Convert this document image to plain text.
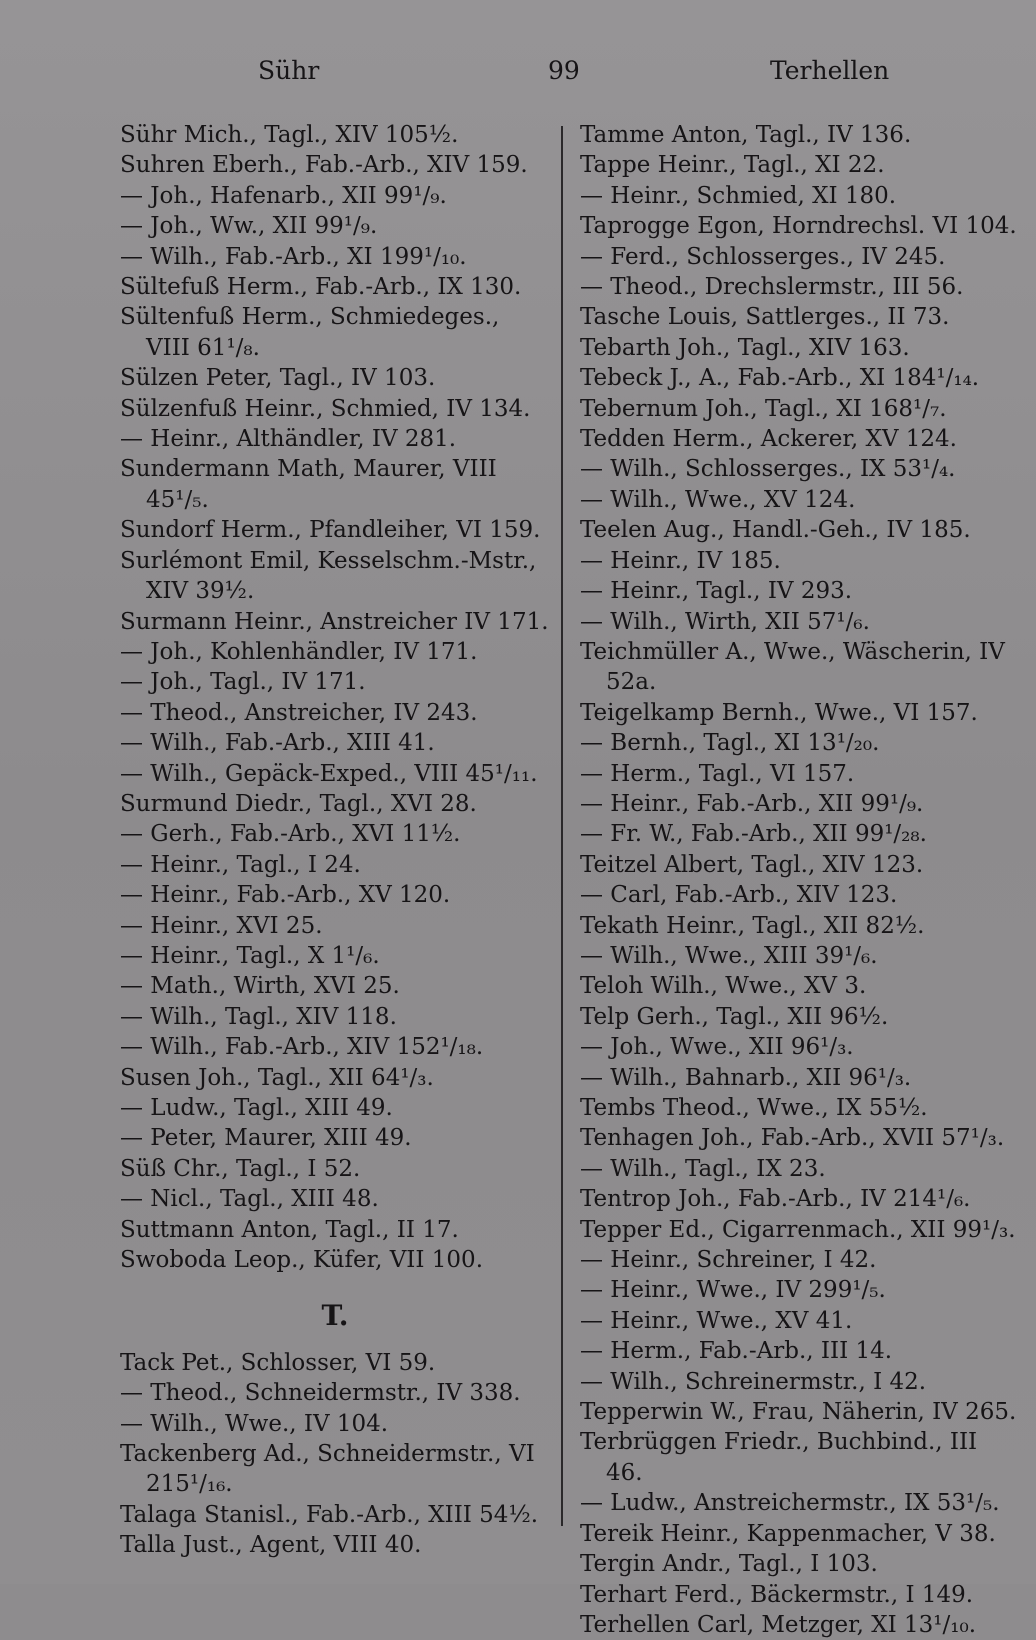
Sühr	99	Terhellen

Sühr Mich., Tagl., XIV 105½.

Suhren Eberh., Fab.-Arb., XIV 159.

— Joh., Hafenarb., XII 99¹/₉.

— Joh., Ww., XII 99¹/₉.

— Wilh., Fab.-Arb., XI 199¹/₁₀.

Sültefuß Herm., Fab.-Arb., IX 130.

Sültenfuß Herm., Schmiedeges., VIII 61¹/₈.

Sülzen Peter, Tagl., IV 103.

Sülzenfuß Heinr., Schmied, IV 134.

— Heinr., Althändler, IV 281.

Sundermann Math, Maurer, VIII 45¹/₅.

Sundorf Herm., Pfandleiher, VI 159.

Surlémont Emil, Kesselschm.-Mstr., XIV 39½.

Surmann Heinr., Anstreicher IV 171.

— Joh., Kohlenhändler, IV 171.

— Joh., Tagl., IV 171.

— Theod., Anstreicher, IV 243.

— Wilh., Fab.-Arb., XIII 41.

— Wilh., Gepäck-Exped., VIII 45¹/₁₁.

Surmund Diedr., Tagl., XVI 28.

— Gerh., Fab.-Arb., XVI 11½.

— Heinr., Tagl., I 24.

— Heinr., Fab.-Arb., XV 120.

— Heinr., XVI 25.

— Heinr., Tagl., X 1¹/₆.

— Math., Wirth, XVI 25.

— Wilh., Tagl., XIV 118.

— Wilh., Fab.-Arb., XIV 152¹/₁₈.

Susen Joh., Tagl., XII 64¹/₃.

— Ludw., Tagl., XIII 49.

— Peter, Maurer, XIII 49.

Süß Chr., Tagl., I 52.

— Nicl., Tagl., XIII 48.

Suttmann Anton, Tagl., II 17.

Swoboda Leop., Küfer, VII 100.

T.

Tack Pet., Schlosser, VI 59.

— Theod., Schneidermstr., IV 338.

— Wilh., Wwe., IV 104.

Tackenberg Ad., Schneidermstr., VI 215¹/₁₆.

Talaga Stanisl., Fab.-Arb., XIII 54½.

Talla Just., Agent, VIII 40.

Tamme Anton, Tagl., IV 136.

Tappe Heinr., Tagl., XI 22.

— Heinr., Schmied, XI 180.

Taprogge Egon, Horndrechsl. VI 104.

— Ferd., Schlosserges., IV 245.

— Theod., Drechslermstr., III 56.

Tasche Louis, Sattlerges., II 73.

Tebarth Joh., Tagl., XIV 163.

Tebeck J., A., Fab.-Arb., XI 184¹/₁₄.

Tebernum Joh., Tagl., XI 168¹/₇.

Tedden Herm., Ackerer, XV 124.

— Wilh., Schlosserges., IX 53¹/₄.

— Wilh., Wwe., XV 124.

Teelen Aug., Handl.-Geh., IV 185.

— Heinr., IV 185.

— Heinr., Tagl., IV 293.

— Wilh., Wirth, XII 57¹/₆.

Teichmüller A., Wwe., Wäscherin, IV 52a.

Teigelkamp Bernh., Wwe., VI 157.

— Bernh., Tagl., XI 13¹/₂₀.

— Herm., Tagl., VI 157.

— Heinr., Fab.-Arb., XII 99¹/₉.

— Fr. W., Fab.-Arb., XII 99¹/₂₈.

Teitzel Albert, Tagl., XIV 123.

— Carl, Fab.-Arb., XIV 123.

Tekath Heinr., Tagl., XII 82½.

— Wilh., Wwe., XIII 39¹/₆.

Teloh Wilh., Wwe., XV 3.

Telp Gerh., Tagl., XII 96½.

— Joh., Wwe., XII 96¹/₃.

— Wilh., Bahnarb., XII 96¹/₃.

Tembs Theod., Wwe., IX 55½.

Tenhagen Joh., Fab.-Arb., XVII 57¹/₃.

— Wilh., Tagl., IX 23.

Tentrop Joh., Fab.-Arb., IV 214¹/₆.

Tepper Ed., Cigarrenmach., XII 99¹/₃.

— Heinr., Schreiner, I 42.

— Heinr., Wwe., IV 299¹/₅.

— Heinr., Wwe., XV 41.

— Herm., Fab.-Arb., III 14.

— Wilh., Schreinermstr., I 42.

Tepperwin W., Frau, Näherin, IV 265.

Terbrüggen Friedr., Buchbind., III 46.

— Ludw., Anstreichermstr., IX 53¹/₅.

Tereik Heinr., Kappenmacher, V 38.

Tergin Andr., Tagl., I 103.

Terhart Ferd., Bäckermstr., I 149.

Terhellen Carl, Metzger, XI 13¹/₁₀.
